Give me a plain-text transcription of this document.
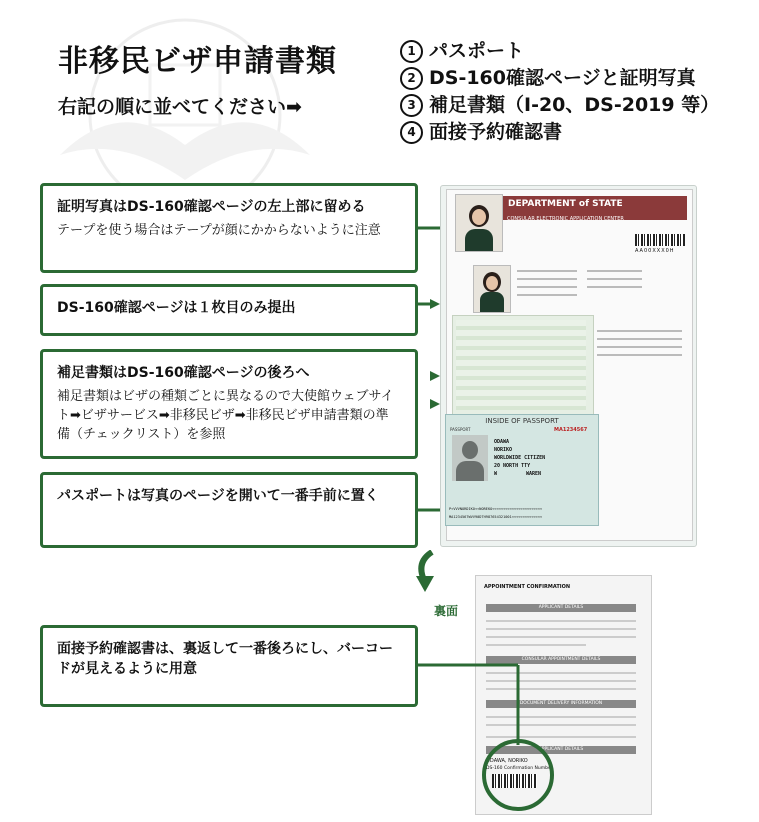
非移民ビザ申請書類
右記の順に並べてください➡
1 パスポート
2 DS-160確認ページと証明写真
3 補足書類（I-20、DS-2019 等）
4 面接予約確認書
証明写真はDS-160確認ページの左上部に留める
テープを使う場合はテープが顔にかからないように注意
DS-160確認ページは１枚目のみ提出
補足書類はDS-160確認ページの後ろへ
補足書類はビザの種類ごとに異なるので大使館ウェブサイト➡ビザサービス➡非移民ビザ➡非移民ビザ申請書類の準備（チェックリスト）を参照
パスポートは写真のページを開いて一番手前に置く
面接予約確認書は、裏返して一番後ろにし、バーコードが見えるように用意
DEPARTMENT of STATE
CONSULAR ELECTRONIC APPLICATION CENTER
AA00XXX0H
INSIDE OF PASSPORT
PASSPORT	MA1234567
ODAWA
NORIKO
WORLDWIDE CITIZEN
20 NORTH TTY
W	WAREN
P<VVVNORDIKO<<NOREKO<<<<<<<<<<<<<<<<<<<<<<<
MA1234567WVV90DTH987654321001<<<<<<<<<<<<<<
裏面
APPOINTMENT CONFIRMATION
APPLICANT DETAILS
CONSULAR APPOINTMENT DETAILS
DOCUMENT DELIVERY INFORMATION
APPLICANT DETAILS
ODAWA, NORIKO
DS-160 Confirmation Number
